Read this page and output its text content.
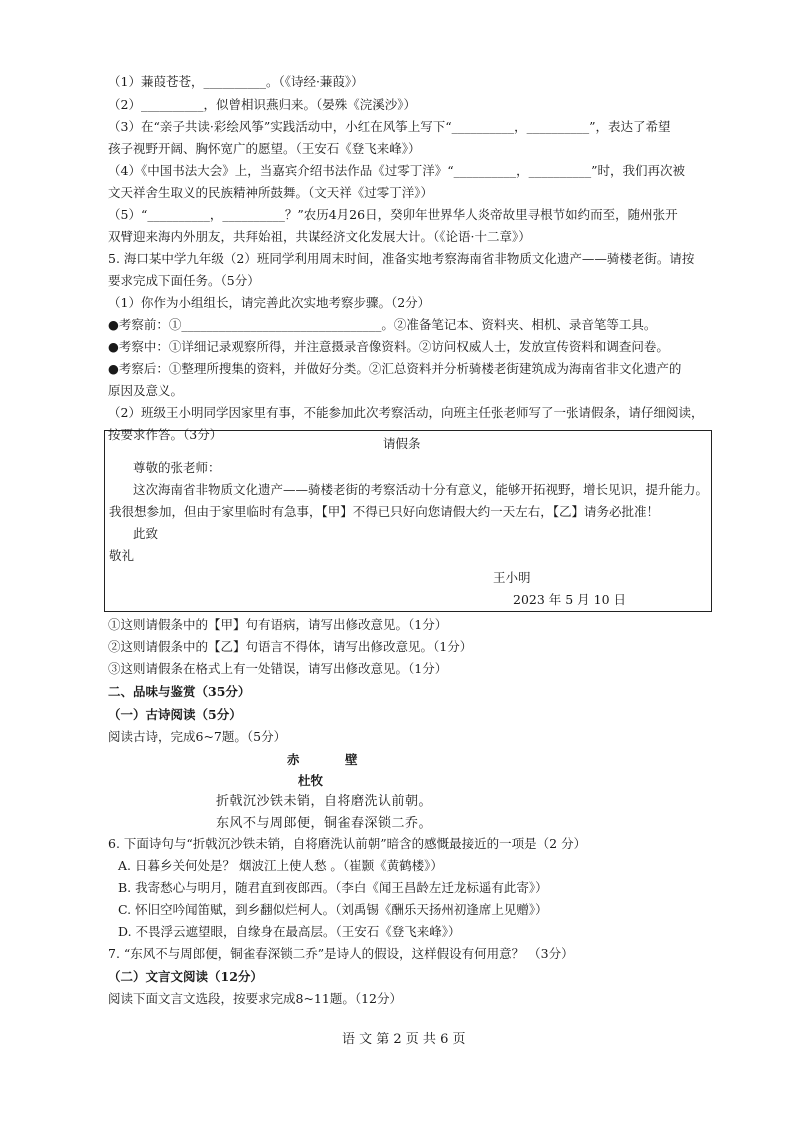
（1）蒹葭苍苍，__________。（《诗经·蒹葭》）
（2）__________，似曾相识燕归来。（晏殊《浣溪沙》）
（3）在“亲子共读·彩绘风筝”实践活动中，小红在风筝上写下“__________，__________”，表达了希望
孩子视野开阔、胸怀宽广的愿望。（王安石《登飞来峰》）
（4）《中国书法大会》上，当嘉宾介绍书法作品《过零丁洋》“__________，__________”时，我们再次被
文天祥舍生取义的民族精神所鼓舞。（文天祥《过零丁洋》）
（5）“__________，__________？”农历4月26日，癸卯年世界华人炎帝故里寻根节如约而至，随州张开
双臂迎来海内外朋友，共拜始祖，共谋经济文化发展大计。（《论语·十二章》）
5. 海口某中学九年级（2）班同学利用周末时间，准备实地考察海南省非物质文化遗产——骑楼老街。请按
要求完成下面任务。（5分）
（1）你作为小组组长，请完善此次实地考察步骤。（2分）
●考察前：①________________________________。②准备笔记本、资料夹、相机、录音笔等工具。
●考察中：①详细记录观察所得，并注意摄录音像资料。②访问权威人士，发放宣传资料和调查问卷。
●考察后：①整理所搜集的资料，并做好分类。②汇总资料并分析骑楼老街建筑成为海南省非文化遗产的
原因及意义。
（2）班级王小明同学因家里有事，不能参加此次考察活动，向班主任张老师写了一张请假条，请仔细阅读，
按要求作答。（3分）
请假条
尊敬的张老师：
这次海南省非物质文化遗产——骑楼老街的考察活动十分有意义，能够开拓视野，增长见识，提升能力。
我很想参加，但由于家里临时有急事，【甲】不得已只好向您请假大约一天左右，【乙】请务必批准！
此致
敬礼
王小明
2023 年 5 月 10 日
①这则请假条中的【甲】句有语病，请写出修改意见。（1分）
②这则请假条中的【乙】句语言不得体，请写出修改意见。（1分）
③这则请假条在格式上有一处错误，请写出修改意见。（1分）
二、品味与鉴赏（35分）
（一）古诗阅读（5分）
阅读古诗，完成6~7题。（5分）
赤	壁
杜牧
折戟沉沙铁未销，自将磨洗认前朝。
东风不与周郎便，铜雀春深锁二乔。
6. 下面诗句与“折戟沉沙铁未销，自将磨洗认前朝”暗含的感慨最接近的一项是（2 分）
A. 日暮乡关何处是？ 烟波江上使人愁 。（崔颢《黄鹤楼》）
B. 我寄愁心与明月，随君直到夜郎西。（李白《闻王昌龄左迁龙标遥有此寄》）
C. 怀旧空吟闻笛赋，到乡翻似烂柯人。（刘禹锡《酬乐天扬州初逢席上见赠》）
D. 不畏浮云遮望眼，自缘身在最高层。（王安石《登飞来峰》）
7. “东风不与周郎便，铜雀春深锁二乔”是诗人的假设，这样假设有何用意？ （3分）
（二）文言文阅读（12分）
阅读下面文言文选段，按要求完成8~11题。（12分）
语 文 第 2 页 共 6 页
